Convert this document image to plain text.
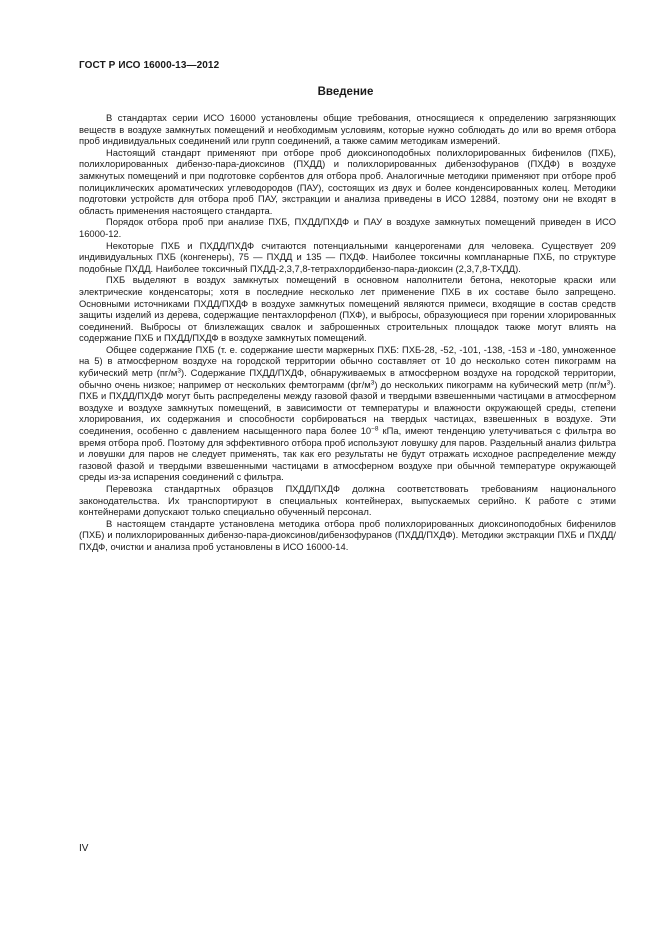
ГОСТ Р ИСО 16000-13—2012

Введение

В стандартах серии ИСО 16000 установлены общие требования, относящиеся к определению загрязняющих веществ в воздухе замкнутых помещений и необходимым условиям, которые нужно соблюдать до или во время отбора проб индивидуальных соединений или групп соединений, а также самим методикам измерений.

Настоящий стандарт применяют при отборе проб диоксиноподобных полихлорированных бифенилов (ПХБ), полихлорированных дибензо-пара-диоксинов (ПХДД) и полихлорированных дибензофуранов (ПХДФ) в воздухе замкнутых помещений и при подготовке сорбентов для отбора проб. Аналогичные методики применяют при отборе проб полициклических ароматических углеводородов (ПАУ), состоящих из двух и более конденсированных колец. Методики подготовки устройств для отбора проб ПАУ, экстракции и анализа приведены в ИСО 12884, поэтому они не входят в область применения настоящего стандарта.

Порядок отбора проб при анализе ПХБ, ПХДД/ПХДФ и ПАУ в воздухе замкнутых помещений приведен в ИСО 16000-12.

Некоторые ПХБ и ПХДД/ПХДФ считаются потенциальными канцерогенами для человека. Существует 209 индивидуальных ПХБ (конгенеры), 75 — ПХДД и 135 — ПХДФ. Наиболее токсичны компланарные ПХБ, по структуре подобные ПХДД. Наиболее токсичный ПХДД-2,3,7,8-тетрахлордибензо-пара-диоксин (2,3,7,8-ТХДД).

ПХБ выделяют в воздух замкнутых помещений в основном наполнители бетона, некоторые краски или электрические конденсаторы; хотя в последние несколько лет применение ПХБ в их составе было запрещено. Основными источниками ПХДД/ПХДФ в воздухе замкнутых помещений являются примеси, входящие в состав средств защиты изделий из дерева, содержащие пентахлорфенол (ПХФ), и выбросы, образующиеся при горении хлорированных соединений. Выбросы от близлежащих свалок и заброшенных строительных площадок также могут влиять на содержание ПХБ и ПХДД/ПХДФ в воздухе замкнутых помещений.

Общее содержание ПХБ (т. е. содержание шести маркерных ПХБ: ПХБ-28, -52, -101, -138, -153 и -180, умноженное на 5) в атмосферном воздухе на городской территории обычно составляет от 10 до несколько сотен пикограмм на кубический метр $(пг/м^3)$. Содержание ПХДД/ПХДФ, обнаруживаемых в атмосферном воздухе на городской территории, обычно очень низкое; например от нескольких фемтограмм $(фг/м^3)$ до нескольких пикограмм на кубический метр $(пг/м^3)$. ПХБ и ПХДД/ПХДФ могут быть распределены между газовой фазой и твердыми взвешенными частицами в атмосферном воздухе и воздухе замкнутых помещений, в зависимости от температуры и влажности окружающей среды, степени хлорирования, их содержания и способности сорбироваться на твердых частицах, взвешенных в воздухе. Эти соединения, особенно с давлением насыщенного пара более $10^{-8}$ кПа, имеют тенденцию улетучиваться с фильтра во время отбора проб. Поэтому для эффективного отбора проб используют ловушку для паров. Раздельный анализ фильтра и ловушки для паров не следует применять, так как его результаты не будут отражать исходное распределение между газовой фазой и твердыми взвешенными частицами в атмосферном воздухе при обычной температуре окружающей среды из-за испарения соединений с фильтра.

Перевозка стандартных образцов ПХДД/ПХДФ должна соответствовать требованиям национального законодательства. Их транспортируют в специальных контейнерах, выпускаемых серийно. К работе с этими контейнерами допускают только специально обученный персонал.

В настоящем стандарте установлена методика отбора проб полихлорированных диоксиноподобных бифенилов (ПХБ) и полихлорированных дибензо-пара-диоксинов/дибензофуранов (ПХДД/ПХДФ). Методики экстракции ПХБ и ПХДД/ПХДФ, очистки и анализа проб установлены в ИСО 16000-14.

IV
